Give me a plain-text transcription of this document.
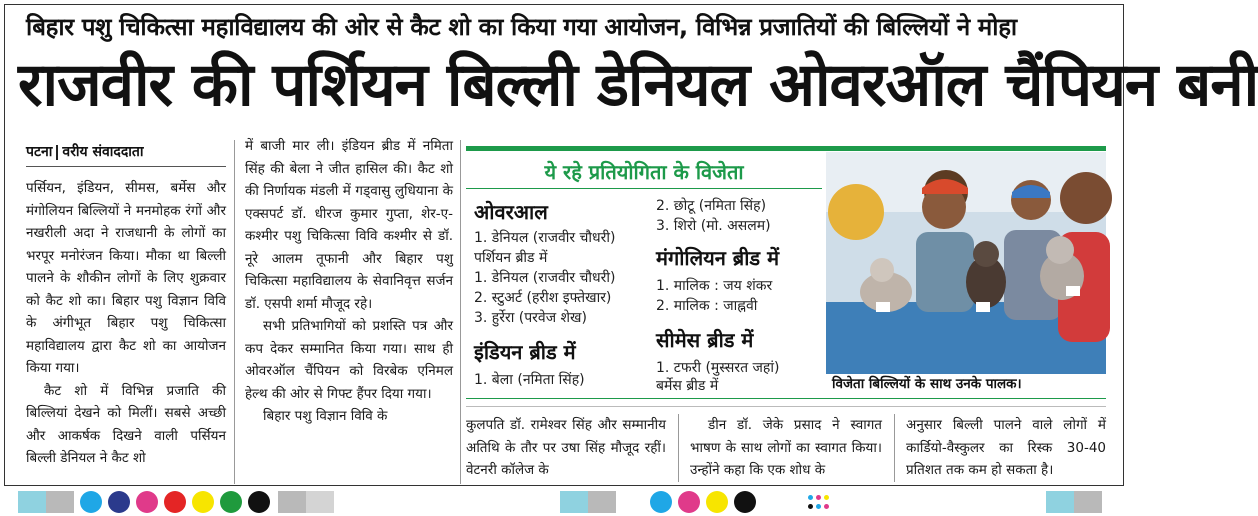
बिहार पशु चिकित्सा महाविद्यालय की ओर से कैट शो का किया गया आयोजन, विभिन्न प्रजातियों की बिल्लियों ने मोहा
राजवीर की पर्शियन बिल्ली डेनियल ओवरऑल चैंपियन बनी
पटना वरीय संवाददाता

पर्सियन, इंडियन, सीमस, बर्मेस और मंगोलियन बिल्लियों ने मनमोहक रंगों और नखरीली अदा ने राजधानी के लोगों का भरपूर मनोरंजन किया। मौका था बिल्ली पालने के शौकीन लोगों के लिए शुक्रवार को कैट शो का। बिहार पशु विज्ञान विवि के अंगीभूत बिहार पशु चिकित्सा महाविद्यालय द्वारा कैट शो का आयोजन किया गया।

कैट शो में विभिन्न प्रजाति की बिल्लियां देखने को मिलीं। सबसे अच्छी और आकर्षक दिखने वाली पर्सियन बिल्ली डेनियल ने कैट शो

में बाजी मार ली। इंडियन ब्रीड में नमिता सिंह की बेला ने जीत हासिल की। कैट शो की निर्णायक मंडली में गड्वासु लुधियाना के एक्सपर्ट डॉ. धीरज कुमार गुप्ता, शेर-ए-कश्मीर पशु चिकित्सा विवि कश्मीर से डॉ. नूरे आलम तूफानी और बिहार पशु चिकित्सा महाविद्यालय के सेवानिवृत्त सर्जन डॉ. एसपी शर्मा मौजूद रहे।

सभी प्रतिभागियों को प्रशस्ति पत्र और कप देकर सम्मानित किया गया। साथ ही ओवरऑल चैंपियन को विरबेक एनिमल हेल्थ की ओर से गिफ्ट हैंपर दिया गया।

बिहार पशु विज्ञान विवि के

ये रहे प्रतियोगिता के विजेता
ओवरआल
1. डेनियल (राजवीर चौधरी)
पर्शियन ब्रीड में
1. डेनियल (राजवीर चौधरी)
2. स्टुअर्ट (हरीश इफ्तेखार)
3. हुर्रेरा (परवेज शेख)
इंडियन ब्रीड में
1. बेला (नमिता सिंह)
2. छोटू (नमिता सिंह)
3. शिरो (मो. असलम)
मंगोलियन ब्रीड में
1. मालिक : जय शंकर
2. मालिक : जाह्नवी
सीमेस ब्रीड में
1. टफरी (मुस्सरत जहां)
बर्मेस ब्रीड में	विजेता बिल्लियों के साथ उनके पालक।

कुलपति डॉ. रामेश्वर सिंह और सम्मानीय अतिथि के तौर पर उषा सिंह मौजूद रहीं। वेटनरी कॉलेज के

डीन डॉ. जेके प्रसाद ने स्वागत भाषण के साथ लोगों का स्वागत किया। उन्होंने कहा कि एक शोध के

अनुसार बिल्ली पालने वाले लोगों में कार्डियो-वैस्कुलर का रिस्क 30-40 प्रतिशत तक कम हो सकता है।
